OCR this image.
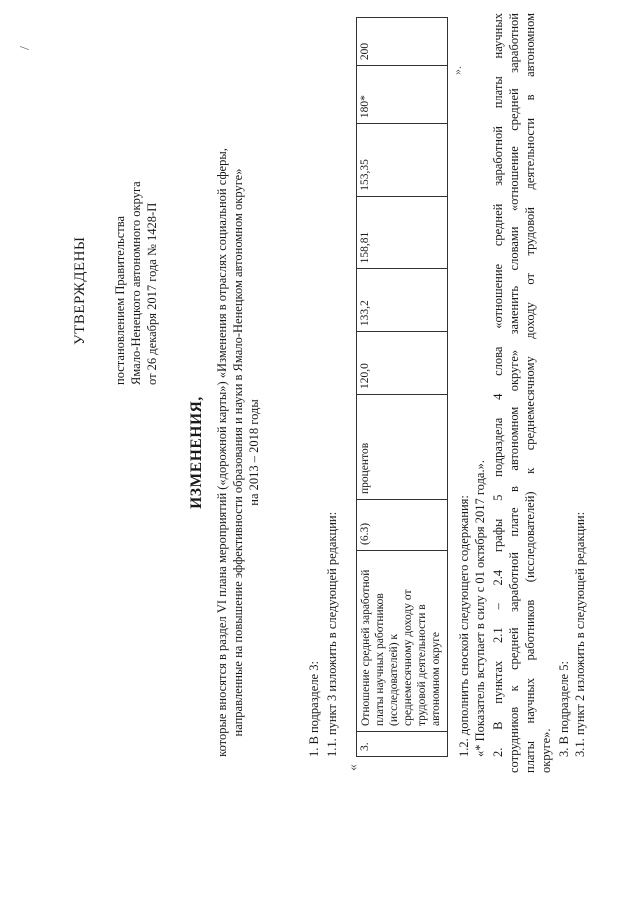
/
УТВЕРЖДЕНЫ постановлением Правительства Ямало-Ненецкого автономного округа от 26 декабря 2017 года № 1428-П
ИЗМЕНЕНИЯ, которые вносятся в раздел VI плана мероприятий («дорожной карты») «Изменения в отраслях социальной сферы, направленные на повышение эффективности образования и науки в Ямало-Ненецком автономном округе» на 2013 – 2018 годы
1. В подразделе 3: 1.1. пункт 3 изложить в следующей редакции:
«
3.	Отношение средней заработной платы научных работников (исследователей) к среднемесячному доходу от трудовой деятельности в автономном округе	(6.3)	процентов	120,0	133,2	158,81	153,35	180*	200
».
1.2. дополнить сноской следующего содержания: «* Показатель вступает в силу с 01 октября 2017 года.». 2. В пунктах 2.1 – 2.4 графы 5 подраздела 4 слова «отношение средней заработной платы научных сотрудников к средней заработной плате в автономном округе» заменить словами «отношение средней заработной платы научных работников (исследователей) к среднемесячному доходу от трудовой деятельности в автономном округе». 3. В подразделе 5: 3.1. пункт 2 изложить в следующей редакции:
